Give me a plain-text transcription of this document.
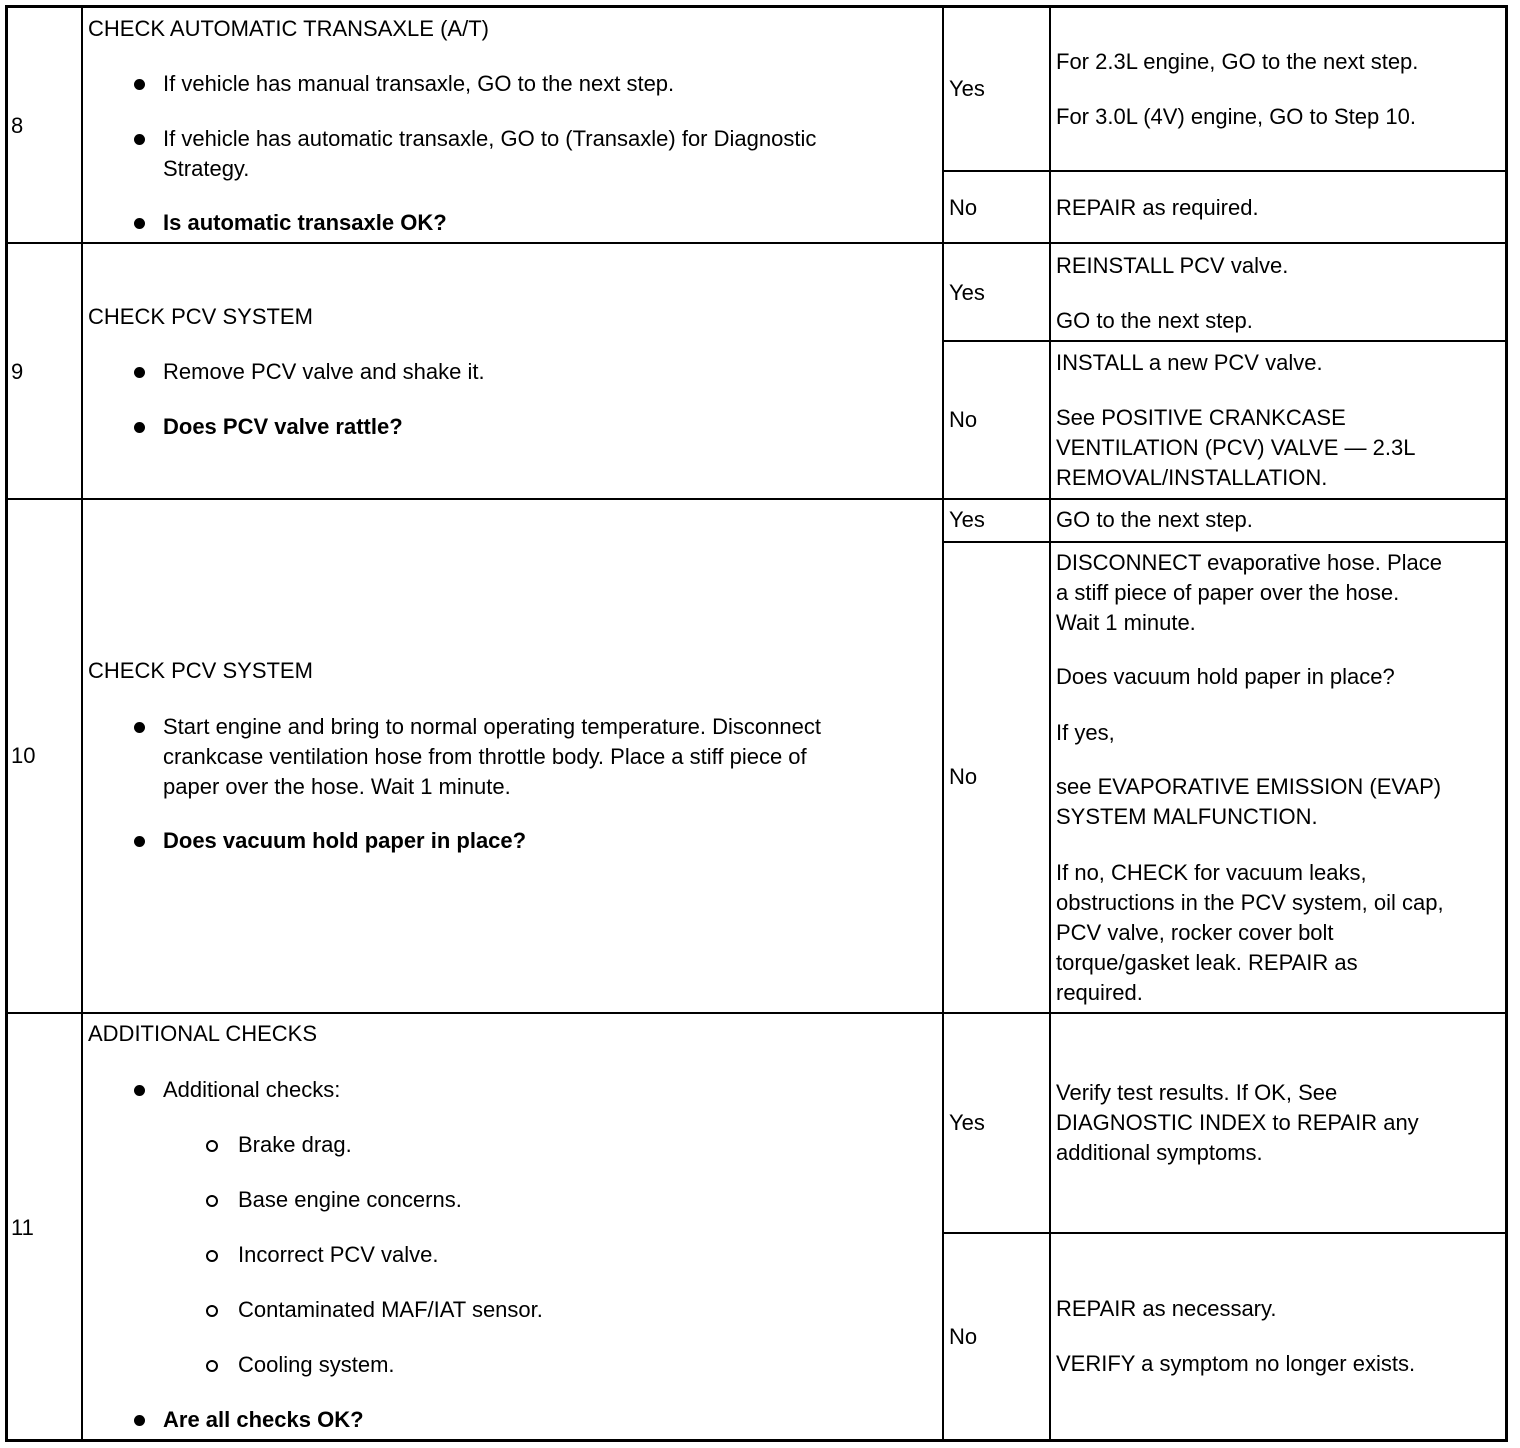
8
CHECK AUTOMATIC TRANSAXLE (A/T)
If vehicle has manual transaxle, GO to the next step.
If vehicle has automatic transaxle, GO to (Transaxle) for Diagnostic
Strategy.
Is automatic transaxle OK?
Yes
For 2.3L engine, GO to the next step.
For 3.0L (4V) engine, GO to Step 10.
No	REPAIR as required.
9
CHECK PCV SYSTEM
Remove PCV valve and shake it.
Does PCV valve rattle?
Yes
REINSTALL PCV valve.
GO to the next step.
No
INSTALL a new PCV valve.
See POSITIVE CRANKCASE
VENTILATION (PCV) VALVE — 2.3L
REMOVAL/INSTALLATION.
10
CHECK PCV SYSTEM
Start engine and bring to normal operating temperature. Disconnect
crankcase ventilation hose from throttle body. Place a stiff piece of
paper over the hose. Wait 1 minute.
Does vacuum hold paper in place?
Yes	GO to the next step.
No
DISCONNECT evaporative hose. Place
a stiff piece of paper over the hose.
Wait 1 minute.
Does vacuum hold paper in place?
If yes,
see EVAPORATIVE EMISSION (EVAP)
SYSTEM MALFUNCTION.
If no, CHECK for vacuum leaks,
obstructions in the PCV system, oil cap,
PCV valve, rocker cover bolt
torque/gasket leak. REPAIR as
required.
11
ADDITIONAL CHECKS
Additional checks:
Brake drag.
Base engine concerns.
Incorrect PCV valve.
Contaminated MAF/IAT sensor.
Cooling system.
Are all checks OK?
Yes
Verify test results. If OK, See
DIAGNOSTIC INDEX to REPAIR any
additional symptoms.
No
REPAIR as necessary.
VERIFY a symptom no longer exists.
